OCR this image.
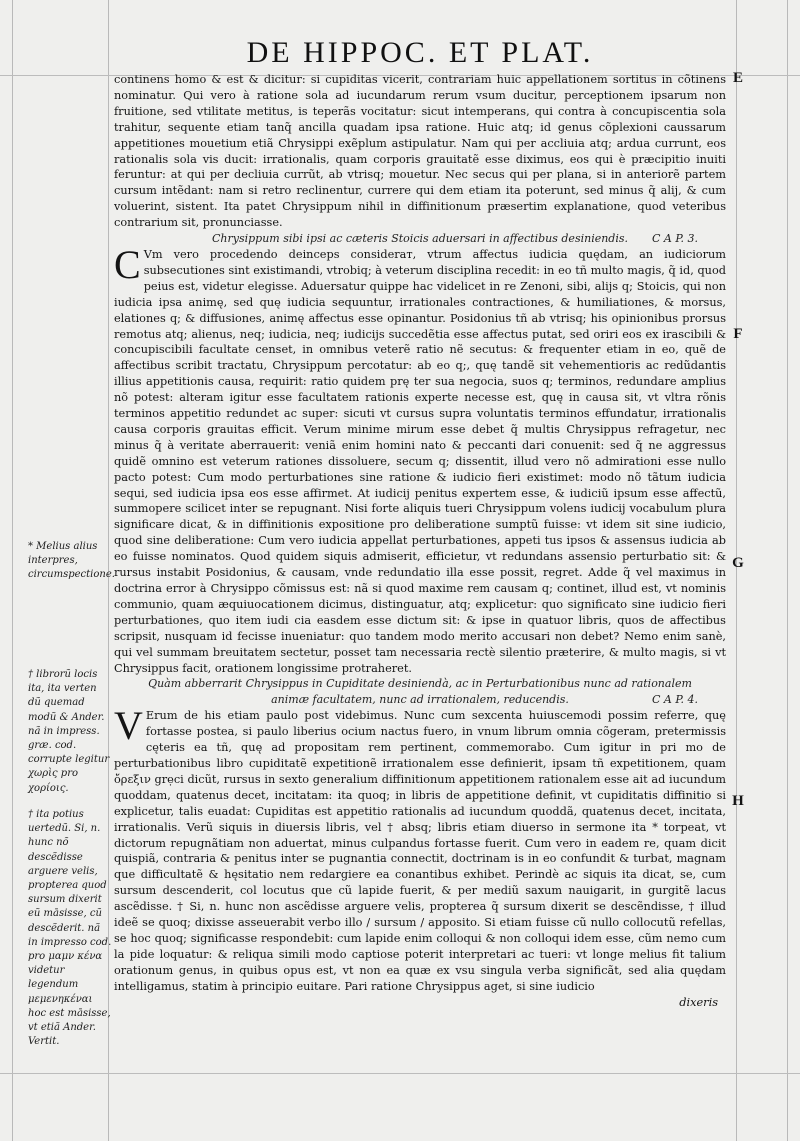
DE HIPPOC. ET PLAT.

continens homo & est & dicitur: si cupiditas vicerit, contrariam huic appellationem sortitus in cõtinens nominatur. Qui vero à ratione sola ad iucundarum rerum vsum ducitur, perceptionem ipsarum non fruitione, sed vtilitate metitus, is teperãs vocitatur: sicut intemperans, qui contra à concupiscentia sola trahitur, sequente etiam tanq̃ ancilla quadam ipsa ratione. Huic atq; id genus cõplexioni caussarum appetitiones mouetium etiã Chrysippi exẽplum astipulatur. Nam qui per accliuia atq; ardua currunt, eos rationalis sola vis ducit: irrationalis, quam corporis grauitatẽ esse diximus, eos qui è præcipitio inuiti feruntur: at qui per decliuia currũt, ab vtrisq; mouetur. Nec secus qui per plana, si in anteriorẽ partem cursum intẽdant: nam si retro reclinentur, currere qui dem etiam ita poterunt, sed minus q̃ alij, & cum voluerint, sistent. Ita patet Chrysippum nihil in diffinitionum præsertim explanatione, quod veteribus contrarium sit, pronunciasse.

Chrysippum sibi ipsi ac cæteris Stoicis aduersari in affectibus desiniendis. C A P. 3.

C Vm vero procedendo deinceps consideraт, vtrum affectus iudicia quędam, an iudiciorum subsecutiones sint existimandi, vtrobiq; à veterum disciplina recedit: in eo tñ multo magis, q̃ id, quod peius est, videtur elegisse. Aduersatur quippe hac videlicet in re Zenoni, sibi, alijs q; Stoicis, qui non iudicia ipsa animę, sed quę iudicia sequuntur, irrationales contractiones, & humiliationes, & morsus, elationes q; & diffusiones, animę affectus esse opinantur. Posidonius tñ ab vtrisq; his opinionibus prorsus remotus atq; alienus, neq; iudicia, neq; iudicijs succedẽtia esse affectus putat, sed oriri eos ex irascibili & concupiscibili facultate censet, in omnibus veterẽ ratio nẽ secutus: & frequenter etiam in eo, quẽ de affectibus scribit tractatu, Chrysippum percotatur: ab eo q;, quę tandẽ sit vehementioris ac redũdantis illius appetitionis causa, requirit: ratio quidem prę ter sua negocia, suos q; terminos, redundare amplius nõ potest: alteram igitur esse facultatem rationis experte necesse est, quę in causa sit, vt vltra rõnis terminos appetitio redundet ac super: sicuti vt cursus supra voluntatis terminos effundatur, irrationalis causa corporis grauitas efficit. Verum minime mirum esse debet q̃ multis Chrysippus refragetur, nec minus q̃ à veritate aberrauerit: veniã enim homini nato & peccanti dari conuenit: sed q̃ ne aggressus quidẽ omnino est veterum rationes dissoluere, secum q; dissentit, illud vero nõ admirationi esse nullo pacto potest: Cum modo perturbationes sine ratione & iudicio fieri existimet: modo nõ tãtum iudicia sequi, sed iudicia ipsa eos esse affirmet. At iudicij penitus expertem esse, & iudiciũ ipsum esse affectũ, summopere scilicet inter se repugnant. Nisi forte aliquis tueri Chrysippum volens iudicij vocabulum plura significare dicat, & in diffinitionis expositione pro deliberatione sumptũ fuisse: vt idem sit sine iudicio, quod sine deliberatione: Cum vero iudicia appellat perturbationes, appeti tus ipsos & assensus iudicia ab eo fuisse nominatos. Quod quidem siquis admiserit, efficietur, vt redundans assensio perturbatio sit: & rursus instabit Posidonius, & causam, vnde redundatio illa esse possit, regret. Adde q̃ vel maximus in doctrina error à Chrysippo cõmissus est: nã si quod maxime rem causam q; continet, illud est, vt nominis communio, quam æquiuocationem dicimus, distinguatur, atq; explicetur: quo significato sine iudicio fieri perturbationes, quo item iudi cia easdem esse dictum sit: & ipse in quatuor libris, quos de affectibus scripsit, nusquam id fecisse inueniatur: quo tandem modo merito accusari non debet? Nemo enim sanè, qui vel summam breuitatem sectetur, posset tam necessaria rectè silentio præterire, & multo magis, si vt Chrysippus facit, orationem longissime protraheret.

Quàm abberrarit Chrysippus in Cupiditate desiniendà, ac in Perturbationibus nunc ad rationalem
animæ facultatem, nunc ad irrationalem, reducendis.	C A P. 4.

V Erum de his etiam paulo post videbimus. Nunc cum sexcenta huiuscemodi possim referre, quę fortasse postea, si paulo liberius ocium nactus fuero, in vnum librum omnia cõgeram, pretermissis cęteris ea tñ, quę ad propositam rem pertinent, commemorabo. Cum igitur in pri mo de perturbationibus libro cupiditatẽ expetitionẽ irrationalem esse definierit, ipsam tñ expetitionem, quam ὄρεξιν grẹci dicũt, rursus in sexto generalium diffinitionum appetitionem rationalem esse ait ad iucundum quoddam, quatenus decet, incitatam: ita quoq; in libris de appetitione definit, vt cupiditatis diffinitio si explicetur, talis euadat: Cupiditas est appetitio rationalis ad iucundum quoddã, quatenus decet, incitata, irrationalis. Verũ siquis in diuersis libris, vel † absq; libris etiam diuerso in sermone ita * torpeat, vt dictorum repugnãtiam non aduertat, minus culpandus fortasse fuerit. Cum vero in eadem re, quam dicit quispiã, contraria & penitus inter se pugnantia connectit, doctrinam is in eo confundit & turbat, magnam que difficultatẽ & hęsitatio nem redargiere ea conantibus exhibet. Perindè ac siquis ita dicat, se, cum sursum descenderit, col locutus que cũ lapide fuerit, & per mediũ saxum nauigarit, in gurgitẽ lacus ascẽdisse. † Si, n. hunc non ascẽdisse arguere velis, propterea q̃ sursum dixerit se descẽndisse, † illud ideẽ se quoq; dixisse asseuerabit verbo illo / sursum / apposito. Si etiam fuisse cũ nullo collocutũ refellas, se hoc quoq; significasse respondebit: cum lapide enim colloqui & non colloqui idem esse, cũm nemo cum la pide loquatur: & reliqua simili modo captiose poterit interpretari ac tueri: vt longe melius fit talium orationum genus, in quibus opus est, vt non ea quæ ex vsu singula verba significãt, sed alia quędam intelligamus, statim à principio euitare. Pari ratione Chrysippus aget, si sine iudicio

dixeris
E
F
G
H

* Melius alius interpres, circumspectione.

† librorũ locis ita, ita verten dũ quemad modũ & Ander. nã in impress. græ. cod. corrupte legitur χωρὶς pro χορίοις.

† ita potius uertedũ. Si, n. hunc nõ descẽdisse arguere velis, propterea quod sursum dixerit eũ māsisse, cũ descẽderit. nã in impresso cod. pro μαμν κένα videtur legendum μεμενηκέναι hoc est māsisse, vt etiã Ander. Vertit.
